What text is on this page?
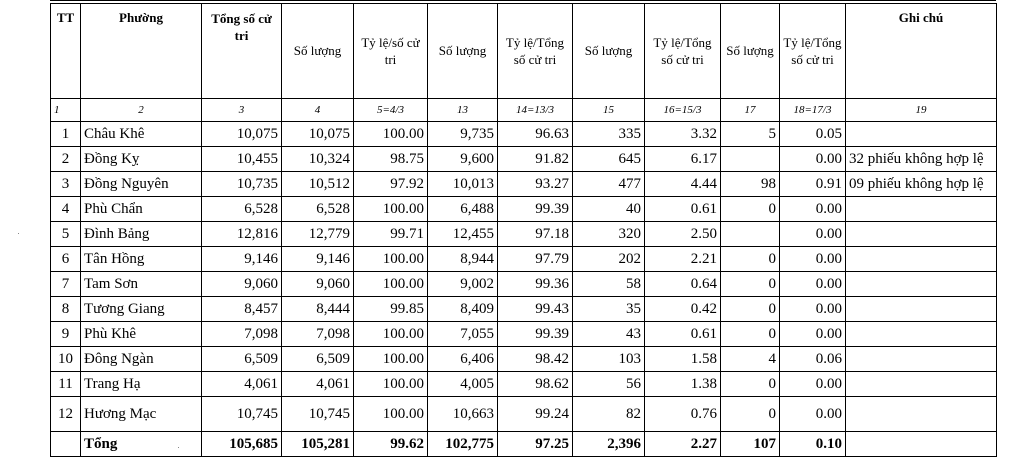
TT	Phường	Tổng số cử tri	Số lượng	Tỷ lệ/số cử tri	Số lượng	Tỷ lệ/Tổng số cử tri	Số lượng	Tỷ lệ/Tổng số cử tri	Số lượng	Tỷ lệ/Tổng số cử tri	Ghi chú
1	2	3	4	5=4/3	13	14=13/3	15	16=15/3	17	18=17/3	19
1	Châu Khê	10,075	10,075	100.00	9,735	96.63	335	3.32	5	0.05	
2	Đồng Kỵ	10,455	10,324	98.75	9,600	91.82	645	6.17		0.00	32 phiếu không hợp lệ
3	Đồng Nguyên	10,735	10,512	97.92	10,013	93.27	477	4.44	98	0.91	09 phiếu không hợp lệ
4	Phù Chẩn	6,528	6,528	100.00	6,488	99.39	40	0.61	0	0.00	
5	Đình Bảng	12,816	12,779	99.71	12,455	97.18	320	2.50		0.00	
6	Tân Hồng	9,146	9,146	100.00	8,944	97.79	202	2.21	0	0.00	
7	Tam Sơn	9,060	9,060	100.00	9,002	99.36	58	0.64	0	0.00	
8	Tương Giang	8,457	8,444	99.85	8,409	99.43	35	0.42	0	0.00	
9	Phù Khê	7,098	7,098	100.00	7,055	99.39	43	0.61	0	0.00	
10	Đông Ngàn	6,509	6,509	100.00	6,406	98.42	103	1.58	4	0.06	
11	Trang Hạ	4,061	4,061	100.00	4,005	98.62	56	1.38	0	0.00	
12	Hương Mạc	10,745	10,745	100.00	10,663	99.24	82	0.76	0	0.00	
	Tổng	105,685	105,281	99.62	102,775	97.25	2,396	2.27	107	0.10	
